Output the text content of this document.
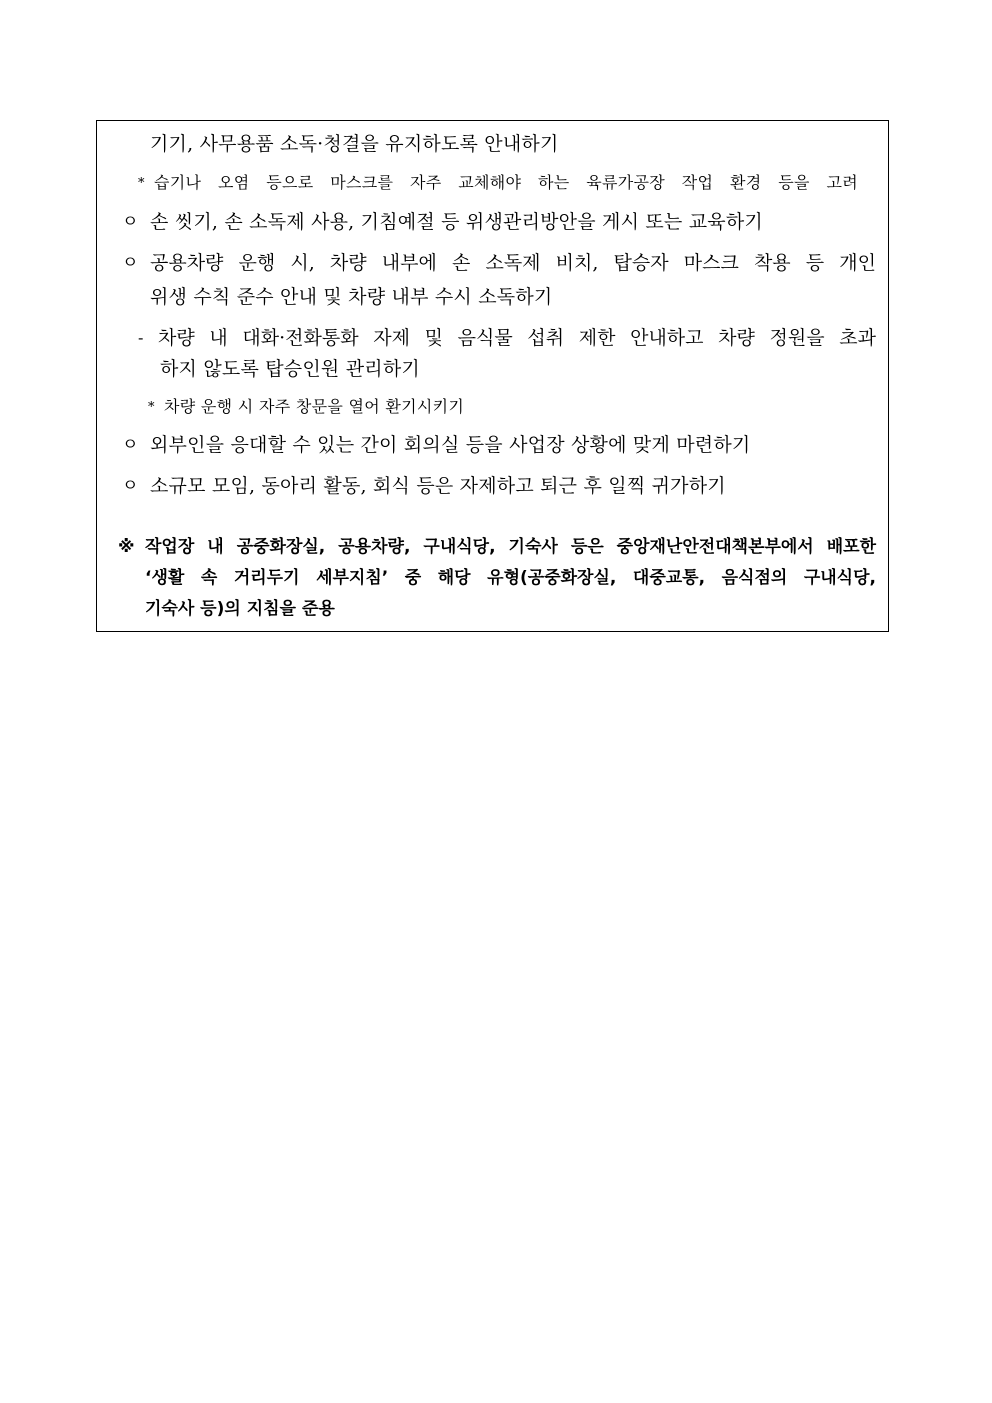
기기, 사무용품 소독·청결을 유지하도록 안내하기
* 습기나 오염 등으로 마스크를 자주 교체해야 하는 육류가공장 작업 환경 등을 고려
ㅇ 손 씻기, 손 소독제 사용, 기침예절 등 위생관리방안을 게시 또는 교육하기
ㅇ 공용차량 운행 시, 차량 내부에 손 소독제 비치, 탑승자 마스크 착용 등 개인
위생 수칙 준수 안내 및 차량 내부 수시 소독하기
- 차량 내 대화·전화통화 자제 및 음식물 섭취 제한 안내하고 차량 정원을 초과
하지 않도록 탑승인원 관리하기
* 차량 운행 시 자주 창문을 열어 환기시키기
ㅇ 외부인을 응대할 수 있는 간이 회의실 등을 사업장 상황에 맞게 마련하기
ㅇ 소규모 모임, 동아리 활동, 회식 등은 자제하고 퇴근 후 일찍 귀가하기
※ 작업장 내 공중화장실, 공용차량, 구내식당, 기숙사 등은 중앙재난안전대책본부에서 배포한
‘생활 속 거리두기 세부지침’ 중 해당 유형(공중화장실, 대중교통, 음식점의 구내식당,
기숙사 등)의 지침을 준용
